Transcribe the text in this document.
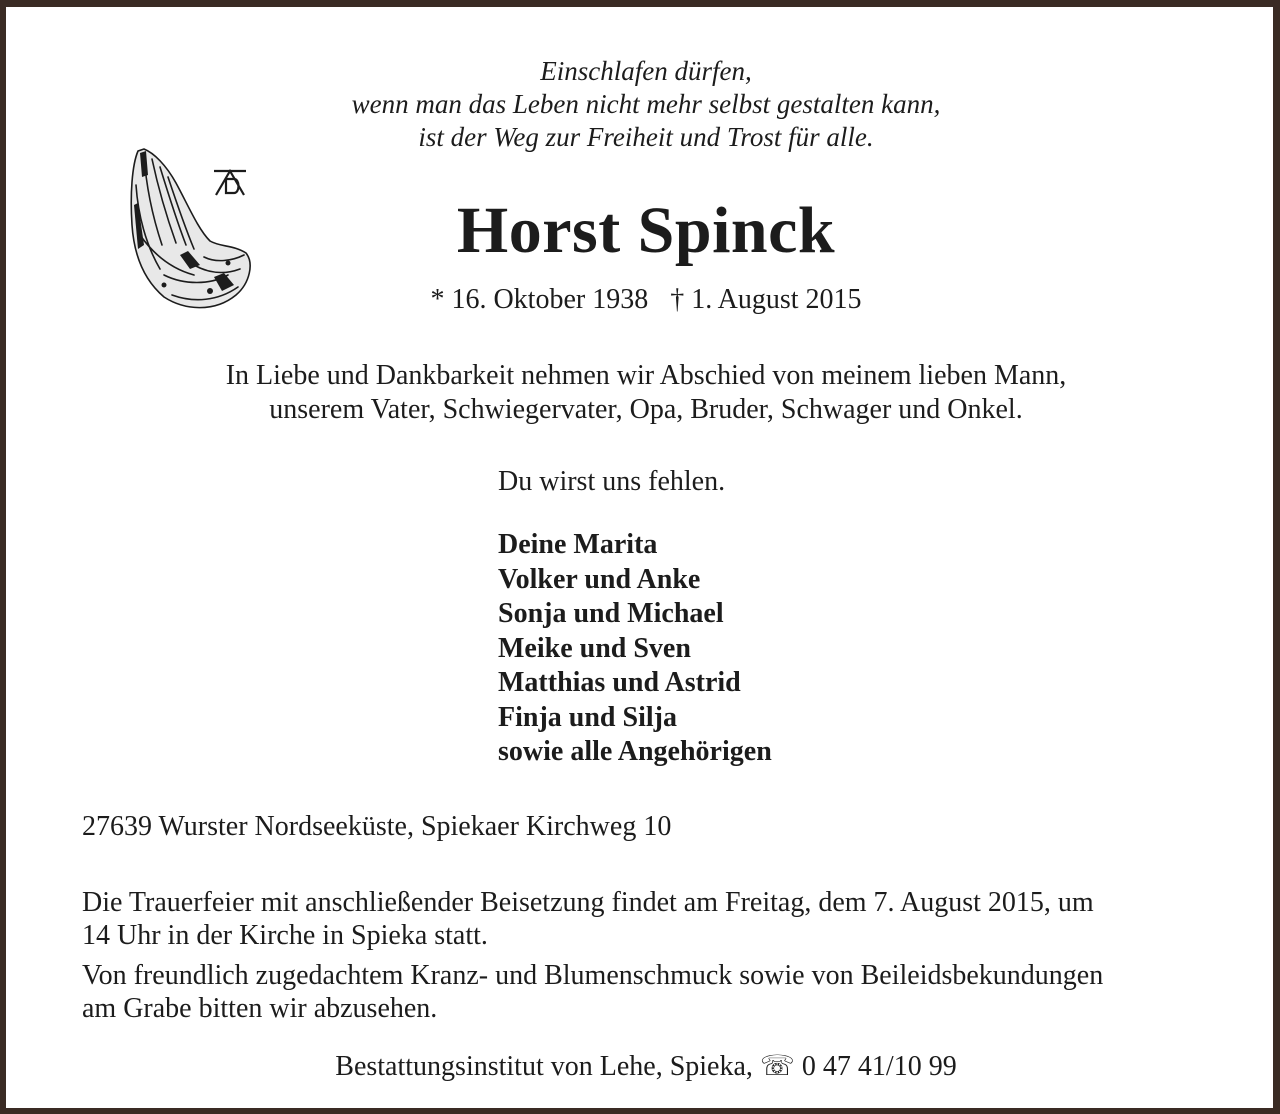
Einschlafen dürfen,
wenn man das Leben nicht mehr selbst gestalten kann,
ist der Weg zur Freiheit und Trost für alle.
Horst Spinck
* 16. Oktober 1938 † 1. August 2015
In Liebe und Dankbarkeit nehmen wir Abschied von meinem lieben Mann,
unserem Vater, Schwiegervater, Opa, Bruder, Schwager und Onkel.
Du wirst uns fehlen.
Deine Marita
Volker und Anke
Sonja und Michael
Meike und Sven
Matthias und Astrid
Finja und Silja
sowie alle Angehörigen
27639 Wurster Nordseeküste, Spiekaer Kirchweg 10
Die Trauerfeier mit anschließender Beisetzung findet am Freitag, dem 7. August 2015, um
14 Uhr in der Kirche in Spieka statt.
Von freundlich zugedachtem Kranz- und Blumenschmuck sowie von Beileidsbekundungen
am Grabe bitten wir abzusehen.
Bestattungsinstitut von Lehe, Spieka, ☏ 0 47 41/10 99
